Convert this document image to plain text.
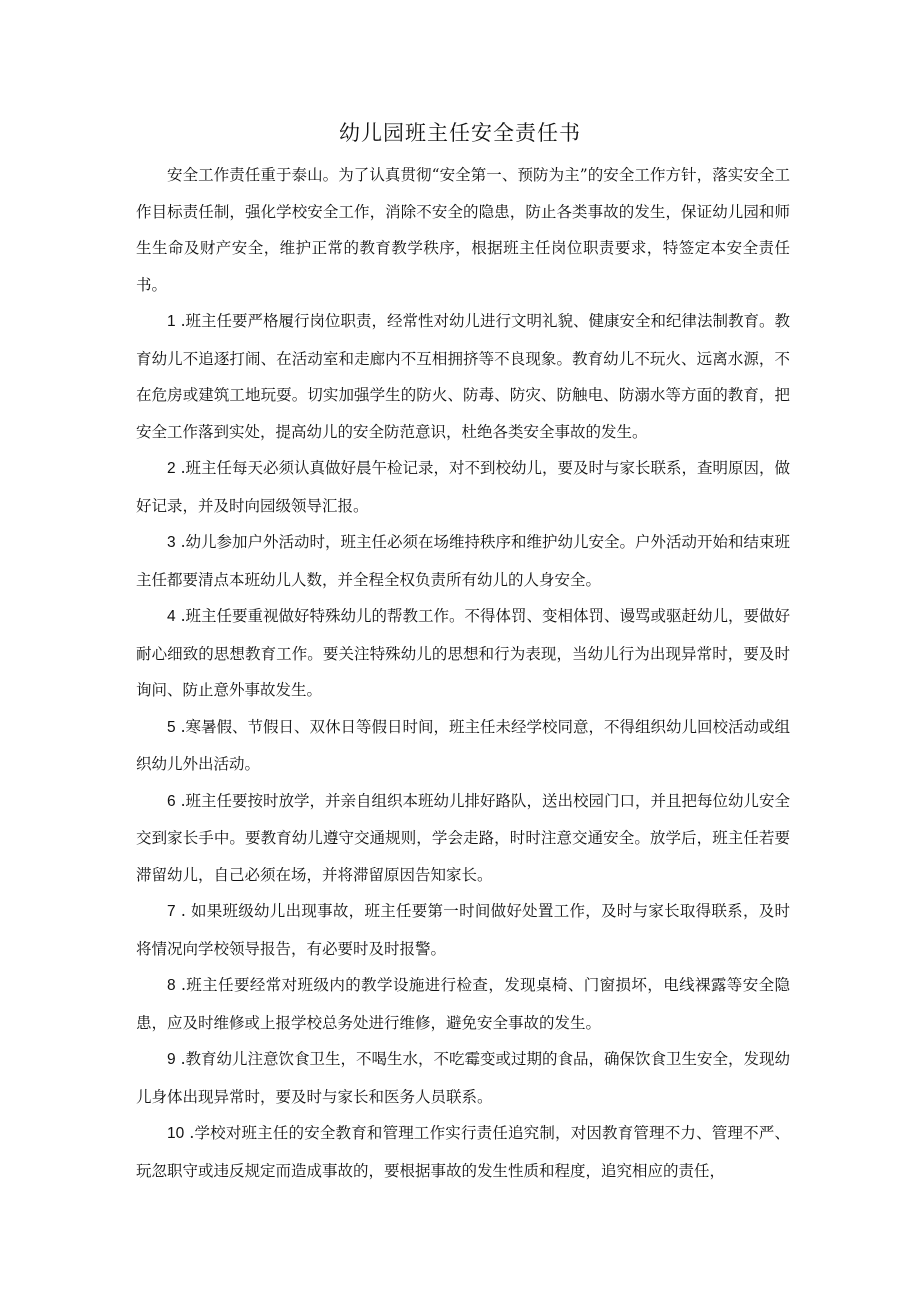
幼儿园班主任安全责任书

安全工作责任重于泰山。为了认真贯彻“安全第一、预防为主”的安全工作方针，落实安全工作目标责任制，强化学校安全工作，消除不安全的隐患，防止各类事故的发生，保证幼儿园和师生生命及财产安全，维护正常的教育教学秩序，根据班主任岗位职责要求，特签定本安全责任书。

1 .班主任要严格履行岗位职责，经常性对幼儿进行文明礼貌、健康安全和纪律法制教育。教育幼儿不追逐打闹、在活动室和走廊内不互相拥挤等不良现象。教育幼儿不玩火、远离水源，不在危房或建筑工地玩耍。切实加强学生的防火、防毒、防灾、防触电、防溺水等方面的教育，把安全工作落到实处，提高幼儿的安全防范意识，杜绝各类安全事故的发生。

2 .班主任每天必须认真做好晨午检记录，对不到校幼儿，要及时与家长联系，查明原因，做好记录，并及时向园级领导汇报。

3 .幼儿参加户外活动时，班主任必须在场维持秩序和维护幼儿安全。户外活动开始和结束班主任都要清点本班幼儿人数，并全程全权负责所有幼儿的人身安全。

4 .班主任要重视做好特殊幼儿的帮教工作。不得体罚、变相体罚、谩骂或驱赶幼儿，要做好耐心细致的思想教育工作。要关注特殊幼儿的思想和行为表现，当幼儿行为出现异常时，要及时询问、防止意外事故发生。

5 .寒暑假、节假日、双休日等假日时间，班主任未经学校同意，不得组织幼儿回校活动或组织幼儿外出活动。

6 .班主任要按时放学，并亲自组织本班幼儿排好路队，送出校园门口，并且把每位幼儿安全交到家长手中。要教育幼儿遵守交通规则，学会走路，时时注意交通安全。放学后，班主任若要滞留幼儿，自己必须在场，并将滞留原因告知家长。

7 . 如果班级幼儿出现事故，班主任要第一时间做好处置工作，及时与家长取得联系，及时将情况向学校领导报告，有必要时及时报警。

8 .班主任要经常对班级内的教学设施进行检查，发现桌椅、门窗损坏，电线裸露等安全隐患，应及时维修或上报学校总务处进行维修，避免安全事故的发生。

9 .教育幼儿注意饮食卫生，不喝生水，不吃霉变或过期的食品，确保饮食卫生安全，发现幼儿身体出现异常时，要及时与家长和医务人员联系。

10 .学校对班主任的安全教育和管理工作实行责任追究制，对因教育管理不力、管理不严、玩忽职守或违反规定而造成事故的，要根据事故的发生性质和程度，追究相应的责任，
